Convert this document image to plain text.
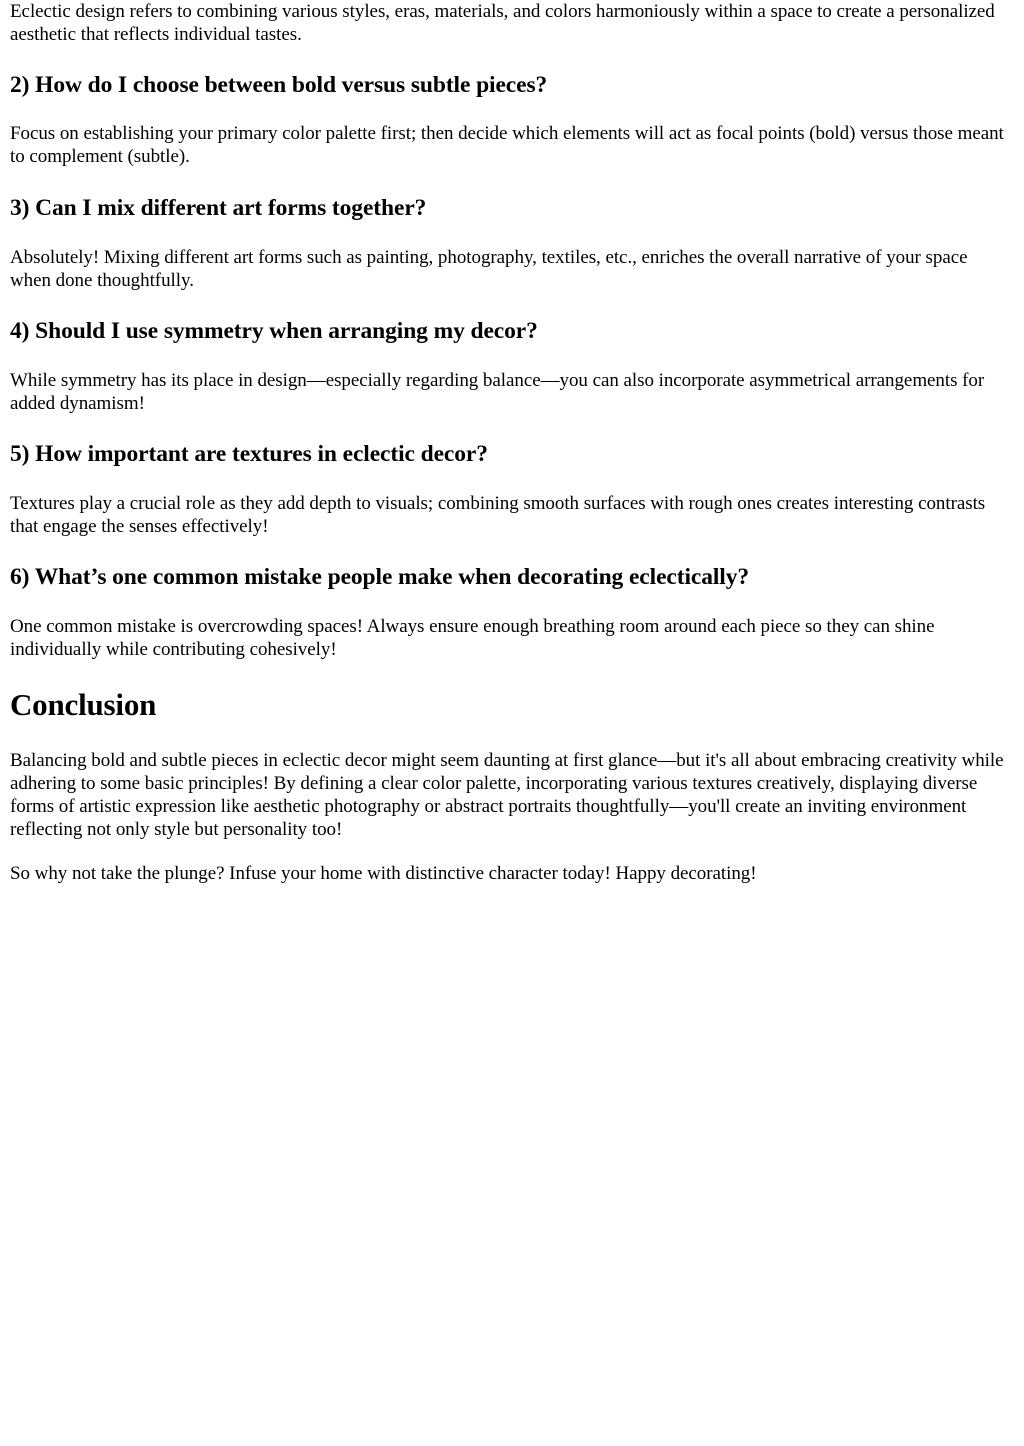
Eclectic design refers to combining various styles, eras, materials, and colors harmoniously within a space to create a personalized aesthetic that reflects individual tastes.

2) How do I choose between bold versus subtle pieces?

Focus on establishing your primary color palette first; then decide which elements will act as focal points (bold) versus those meant to complement (subtle).

3) Can I mix different art forms together?

Absolutely! Mixing different art forms such as painting, photography, textiles, etc., enriches the overall narrative of your space when done thoughtfully.

4) Should I use symmetry when arranging my decor?

While symmetry has its place in design—especially regarding balance—you can also incorporate asymmetrical arrangements for added dynamism!

5) How important are textures in eclectic decor?

Textures play a crucial role as they add depth to visuals; combining smooth surfaces with rough ones creates interesting contrasts that engage the senses effectively!

6) What’s one common mistake people make when decorating eclectically?

One common mistake is overcrowding spaces! Always ensure enough breathing room around each piece so they can shine individually while contributing cohesively!

Conclusion

Balancing bold and subtle pieces in eclectic decor might seem daunting at first glance—but it's all about embracing creativity while adhering to some basic principles! By defining a clear color palette, incorporating various textures creatively, displaying diverse forms of artistic expression like aesthetic photography or abstract portraits thoughtfully—you'll create an inviting environment reflecting not only style but personality too!

So why not take the plunge? Infuse your home with distinctive character today! Happy decorating!
